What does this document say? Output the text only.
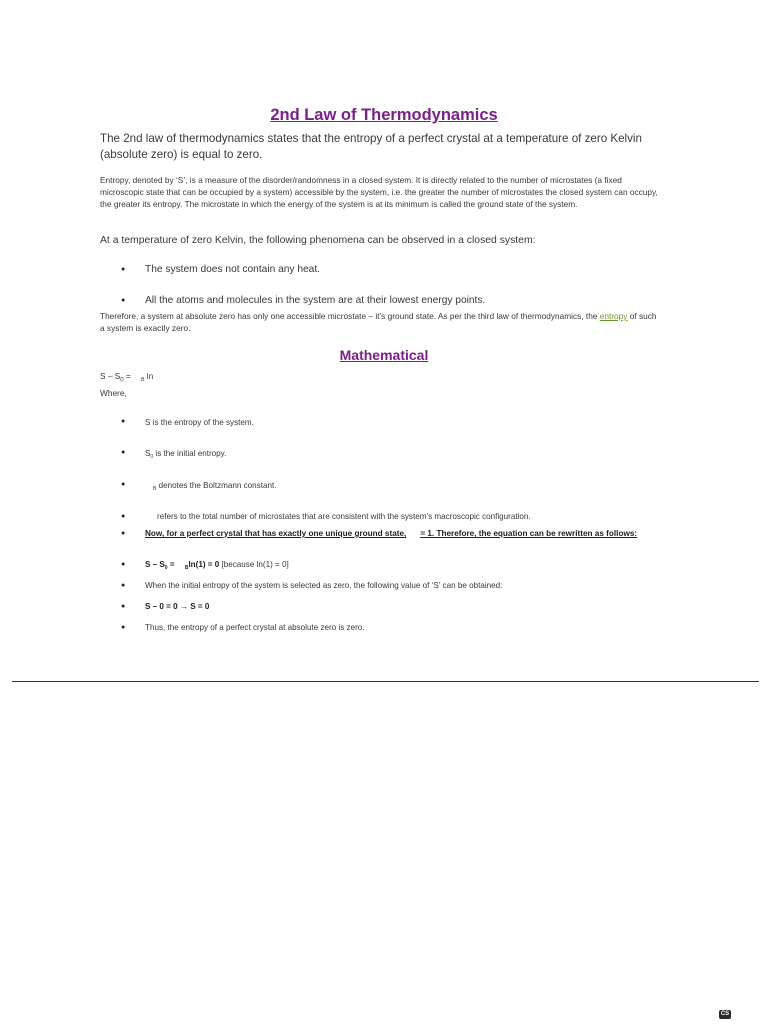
2nd Law of Thermodynamics

The 2nd law of thermodynamics states that the entropy of a perfect crystal at a temperature of zero Kelvin (absolute zero) is equal to zero.

Entropy, denoted by ‘S’, is a measure of the disorder/randomness in a closed system. It is directly related to the number of microstates (a fixed microscopic state that can be occupied by a system) accessible by the system, i.e. the greater the number of microstates the closed system can occupy, the greater its entropy. The microstate in which the energy of the system is at its minimum is called the ground state of the system.

At a temperature of zero Kelvin, the following phenomena can be observed in a closed system:

● The system does not contain any heat.
● All the atoms and molecules in the system are at their lowest energy points.

Therefore, a system at absolute zero has only one accessible microstate – it’s ground state. As per the third law of thermodynamics, the entropy of such a system is exactly zero.

Mathematical
$S - S_0 = _B$ ln
Where,
● S is the entropy of the system.
● $S_0$ is the initial entropy.
●
$_B$ denotes the Boltzmann constant.
●	refers to the total number of microstates that are consistent with the system’s macroscopic configuration.
● Now, for a perfect crystal that has exactly one unique ground state, = 1. Therefore, the equation can be rewritten as follows:

● $S - S_0 = _B\ln(1) = 0$ [because ln(1) = 0]
● When the initial entropy of the system is selected as zero, the following value of ‘S’ can be obtained:
● S – 0 = 0 → S = 0
● Thus, the entropy of a perfect crystal at absolute zero is zero.
CS
